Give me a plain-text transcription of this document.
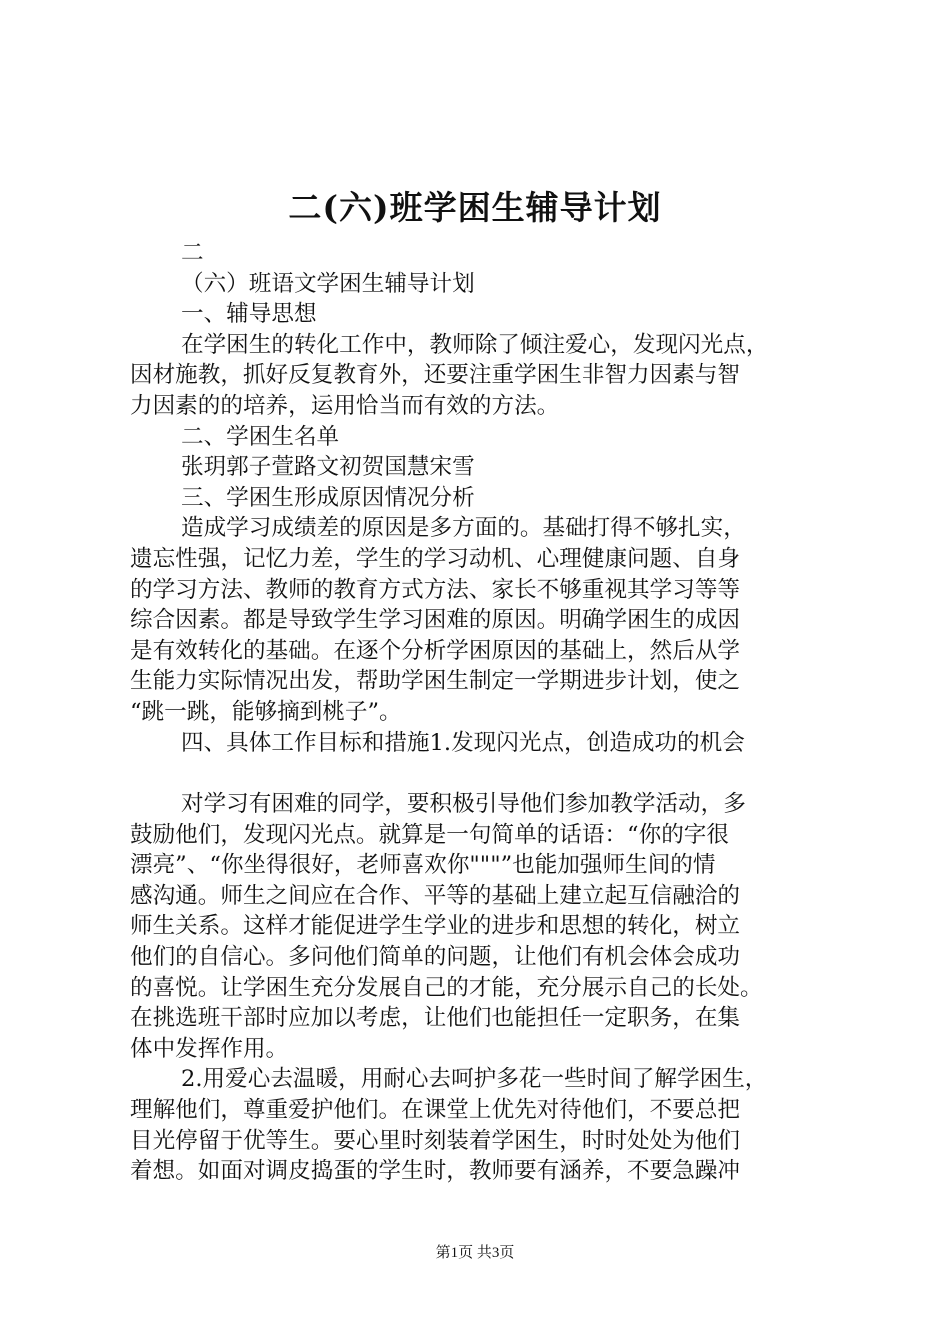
二(六)班学困生辅导计划
二
（六）班语文学困生辅导计划
一、辅导思想
在学困生的转化工作中，教师除了倾注爱心，发现闪光点，
因材施教，抓好反复教育外，还要注重学困生非智力因素与智
力因素的的培养，运用恰当而有效的方法。
二、学困生名单
张玥郭子萱路文初贺国慧宋雪
三、学困生形成原因情况分析
造成学习成绩差的原因是多方面的。基础打得不够扎实，
遗忘性强，记忆力差，学生的学习动机、心理健康问题、自身
的学习方法、教师的教育方式方法、家长不够重视其学习等等
综合因素。都是导致学生学习困难的原因。明确学困生的成因
是有效转化的基础。在逐个分析学困原因的基础上，然后从学
生能力实际情况出发，帮助学困生制定一学期进步计划，使之
“跳一跳，能够摘到桃子”。
四、具体工作目标和措施1.发现闪光点，创造成功的机会
对学习有困难的同学，要积极引导他们参加教学活动，多
鼓励他们，发现闪光点。就算是一句简单的话语：“你的字很
漂亮”、“你坐得很好，老师喜欢你"""”也能加强师生间的情
感沟通。师生之间应在合作、平等的基础上建立起互信融洽的
师生关系。这样才能促进学生学业的进步和思想的转化，树立
他们的自信心。多问他们简单的问题，让他们有机会体会成功
的喜悦。让学困生充分发展自己的才能，充分展示自己的长处。
在挑选班干部时应加以考虑，让他们也能担任一定职务，在集
体中发挥作用。
2.用爱心去温暖，用耐心去呵护多花一些时间了解学困生，
理解他们，尊重爱护他们。在课堂上优先对待他们，不要总把
目光停留于优等生。要心里时刻装着学困生，时时处处为他们
着想。如面对调皮捣蛋的学生时，教师要有涵养，不要急躁冲
第1页 共3页
